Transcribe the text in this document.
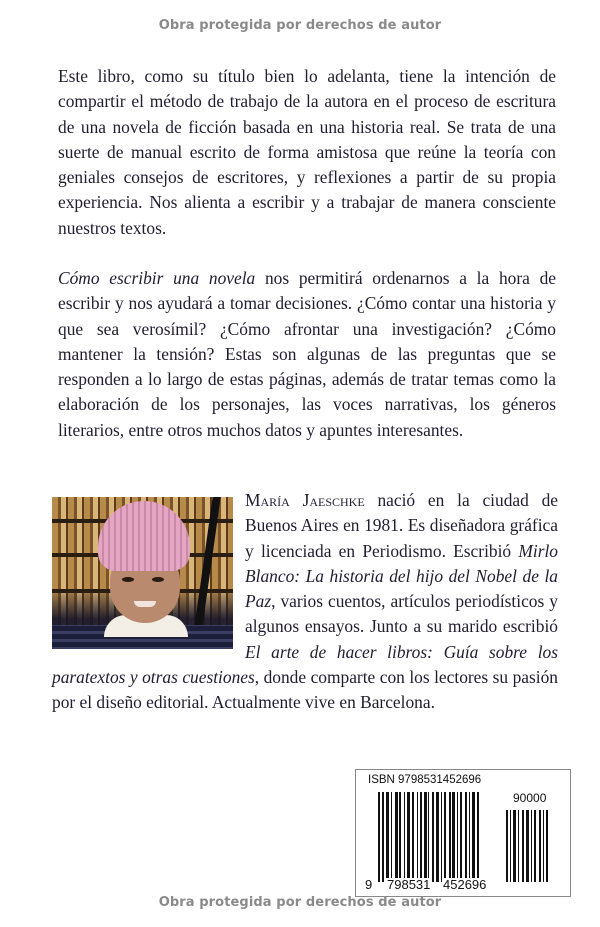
Obra protegida por derechos de autor

Este libro, como su título bien lo adelanta, tiene la intención de compartir el método de trabajo de la autora en el proceso de escritura de una novela de ficción basada en una historia real. Se trata de una suerte de manual escrito de forma amistosa que reúne la teoría con geniales consejos de escritores, y reflexiones a partir de su propia experiencia. Nos alienta a escribir y a trabajar de manera consciente nuestros textos.

Cómo escribir una novela nos permitirá ordenarnos a la hora de escribir y nos ayudará a tomar decisiones. ¿Cómo contar una historia y que sea verosímil? ¿Cómo afrontar una investigación? ¿Cómo mantener la tensión? Estas son algunas de las preguntas que se responden a lo largo de estas páginas, además de tratar temas como la elaboración de los personajes, las voces narrativas, los géneros literarios, entre otros muchos datos y apuntes interesantes.

María Jaeschke nació en la ciudad de Buenos Aires en 1981. Es diseñadora gráfica y licenciada en Periodismo. Escribió Mirlo Blanco: La historia del hijo del Nobel de la Paz, varios cuentos, artículos periodísticos y algunos ensayos. Junto a su marido escribió El arte de hacer libros: Guía sobre los paratextos y otras cuestiones, donde comparte con los lectores su pasión por el diseño editorial. Actualmente vive en Barcelona.

ISBN 9798531452696
90000
9 798531 452696
Obra protegida por derechos de autor
